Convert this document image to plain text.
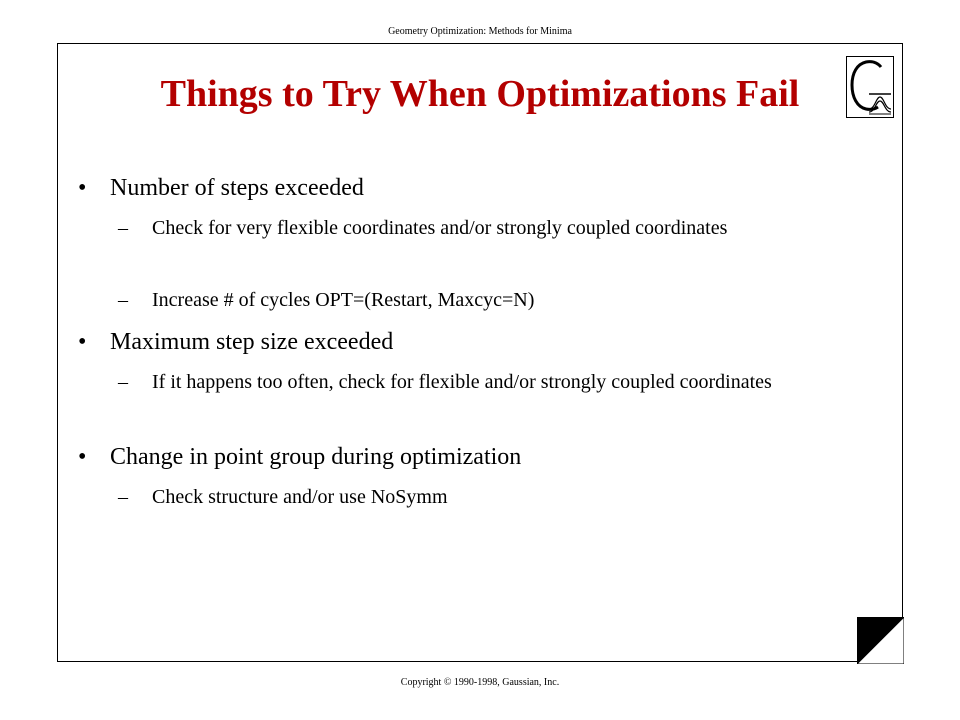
Geometry Optimization: Methods for Minima
Things to Try When Optimizations Fail
• Number of steps exceeded
–	Check for very flexible coordinates and/or strongly coupled coordinates
–	Increase # of cycles OPT=(Restart, Maxcyc=N)
• Maximum step size exceeded
–	If it happens too often, check for flexible and/or strongly coupled coordinates
• Change in point group during optimization
–	Check structure and/or use NoSymm
Copyright © 1990-1998, Gaussian, Inc.
